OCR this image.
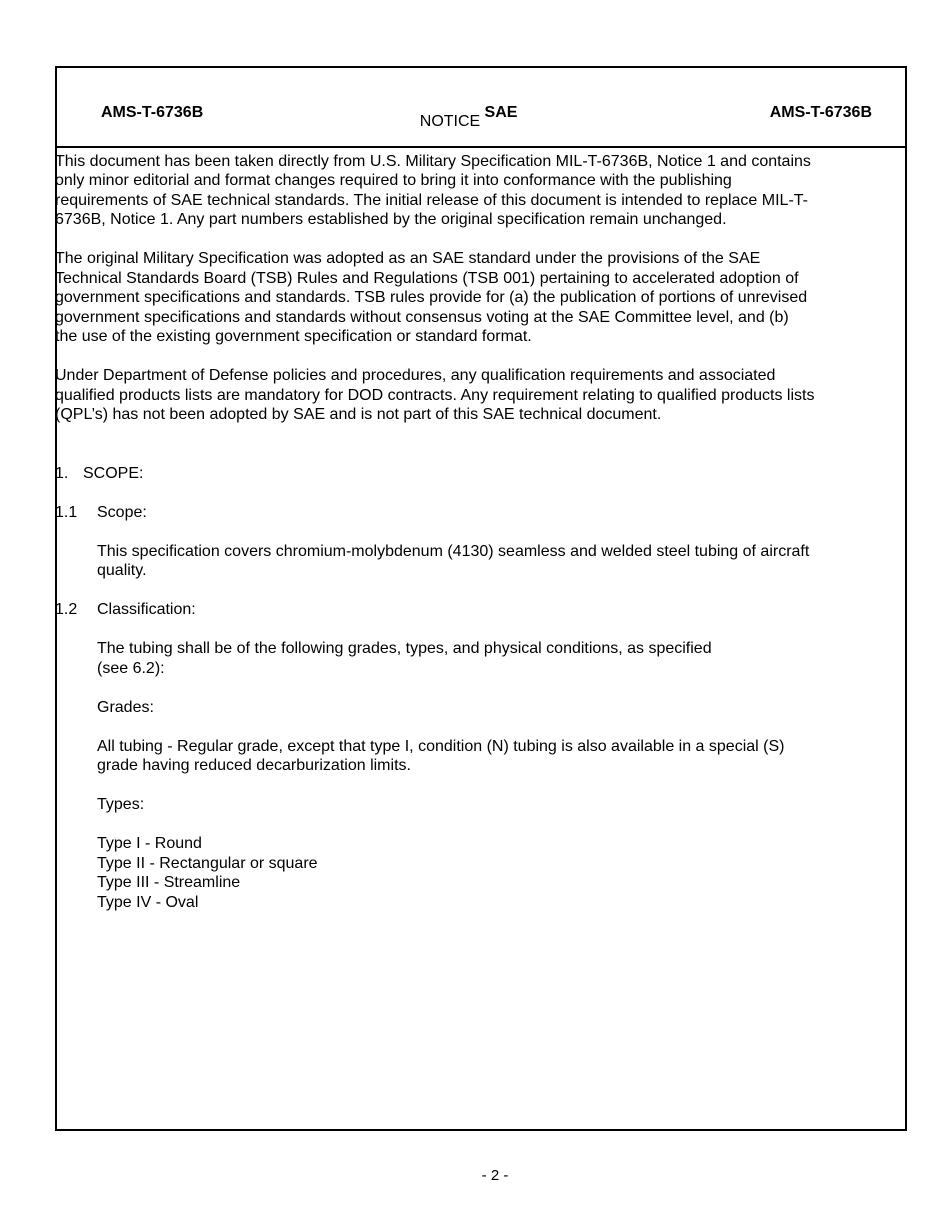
AMS-T-6736B	SAE	AMS-T-6736B
NOTICE

This document has been taken directly from U.S. Military Specification MIL-T-6736B, Notice 1 and contains only minor editorial and format changes required to bring it into conformance with the publishing requirements of SAE technical standards. The initial release of this document is intended to replace MIL-T-6736B, Notice 1. Any part numbers established by the original specification remain unchanged.

The original Military Specification was adopted as an SAE standard under the provisions of the SAE Technical Standards Board (TSB) Rules and Regulations (TSB 001) pertaining to accelerated adoption of government specifications and standards. TSB rules provide for (a) the publication of portions of unrevised government specifications and standards without consensus voting at the SAE Committee level, and (b) the use of the existing government specification or standard format.

Under Department of Defense policies and procedures, any qualification requirements and associated qualified products lists are mandatory for DOD contracts. Any requirement relating to qualified products lists (QPL’s) has not been adopted by SAE and is not part of this SAE technical document.

1. SCOPE:
1.1 Scope:

This specification covers chromium-molybdenum (4130) seamless and welded steel tubing of aircraft quality.

1.2 Classification:

The tubing shall be of the following grades, types, and physical conditions, as specified
(see 6.2):

Grades:

All tubing - Regular grade, except that type I, condition (N) tubing is also available in a special (S) grade having reduced decarburization limits.

Types:

Type I - Round
Type II - Rectangular or square
Type III - Streamline
Type IV - Oval
- 2 -
